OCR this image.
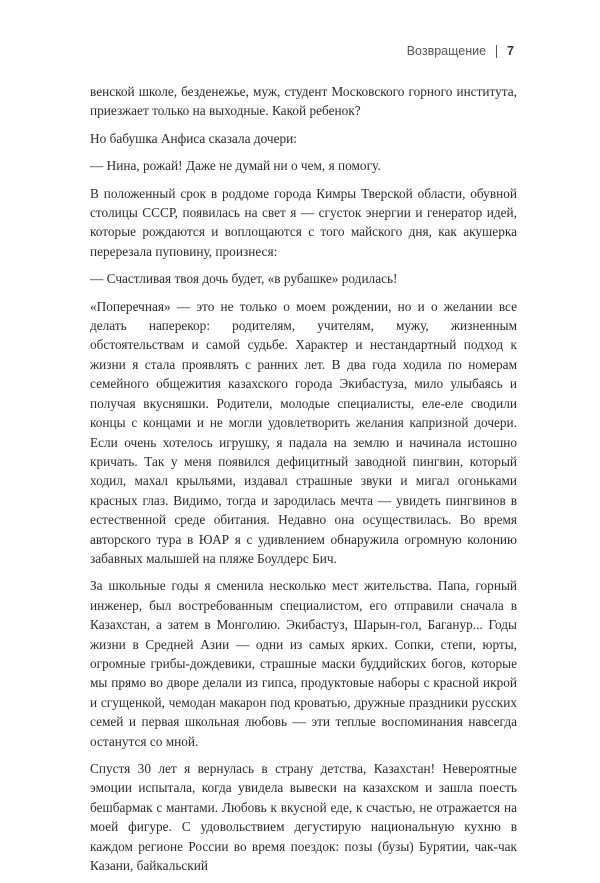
Возвращение 7

венской школе, безденежье, муж, студент Московского горного института, приезжает только на выходные. Какой ребенок?

Но бабушка Анфиса сказала дочери:

— Нина, рожай! Даже не думай ни о чем, я помогу.

В положенный срок в роддоме города Кимры Тверской области, обувной столицы СССР, появилась на свет я — сгусток энергии и генератор идей, которые рождаются и воплощаются с того майского дня, как акушерка перерезала пуповину, произнеся:

— Счастливая твоя дочь будет, «в рубашке» родилась!

«Поперечная» — это не только о моем рождении, но и о желании все делать наперекор: родителям, учителям, мужу, жизненным обстоятельствам и самой судьбе. Характер и нестандартный подход к жизни я стала проявлять с ранних лет. В два года ходила по номерам семейного общежития казахского города Экибастуза, мило улыбаясь и получая вкусняшки. Родители, молодые специалисты, еле-еле сводили концы с концами и не могли удовлетворить желания капризной дочери. Если очень хотелось игрушку, я падала на землю и начинала истошно кричать. Так у меня появился дефицитный заводной пингвин, который ходил, махал крыльями, издавал страшные звуки и мигал огоньками красных глаз. Видимо, тогда и зародилась мечта — увидеть пингвинов в естественной среде обитания. Недавно она осуществилась. Во время авторского тура в ЮАР я с удивлением обнаружила огромную колонию забавных малышей на пляже Боулдерс Бич.

За школьные годы я сменила несколько мест жительства. Папа, горный инженер, был востребованным специалистом, его отправили сначала в Казахстан, а затем в Монголию. Экибастуз, Шарын-гол, Баганур... Годы жизни в Средней Азии — одни из самых ярких. Сопки, степи, юрты, огромные грибы-дождевики, страшные маски буддийских богов, которые мы прямо во дворе делали из гипса, продуктовые наборы с красной икрой и сгущенкой, чемодан макарон под кроватью, дружные праздники русских семей и первая школьная любовь — эти теплые воспоминания навсегда останутся со мной.

Спустя 30 лет я вернулась в страну детства, Казахстан! Невероятные эмоции испытала, когда увидела вывески на казахском и зашла поесть бешбармак с мантами. Любовь к вкусной еде, к счастью, не отражается на моей фигуре. С удовольствием дегустирую национальную кухню в каждом регионе России во время поездок: позы (бузы) Бурятии, чак-чак Казани, байкальский
